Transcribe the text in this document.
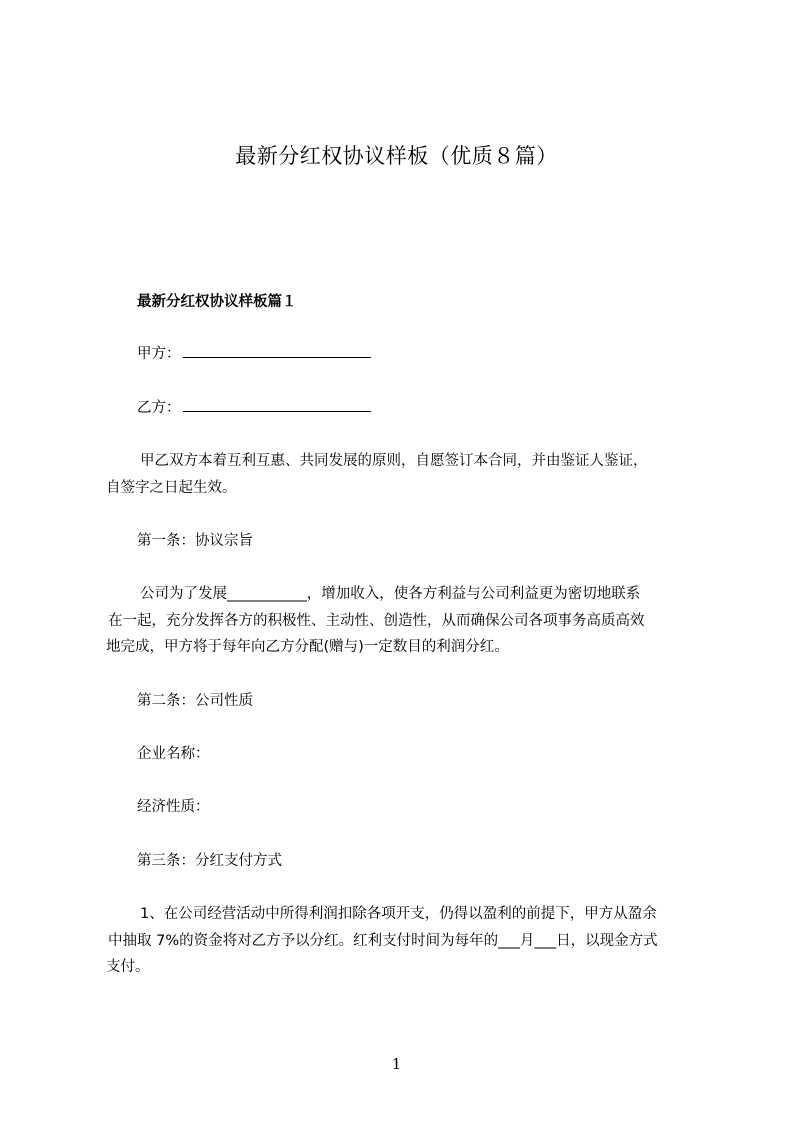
最新分红权协议样板（优质８篇）
最新分红权协议样板篇１

甲方：

乙方：

甲乙双方本着互利互惠、共同发展的原则，自愿签订本合同，并由鉴证人鉴证，
自签字之日起生效。

第一条：协议宗旨

公司为了发展___________，增加收入，使各方利益与公司利益更为密切地联系
在一起，充分发挥各方的积极性、主动性、创造性，从而确保公司各项事务高质高效
地完成，甲方将于每年向乙方分配(赠与)一定数目的利润分红。

第二条：公司性质

企业名称：

经济性质：

第三条：分红支付方式

1、在公司经营活动中所得利润扣除各项开支，仍得以盈利的前提下，甲方从盈余
中抽取 7%的资金将对乙方予以分红。红利支付时间为每年的___月___日，以现金方式
支付。

1
